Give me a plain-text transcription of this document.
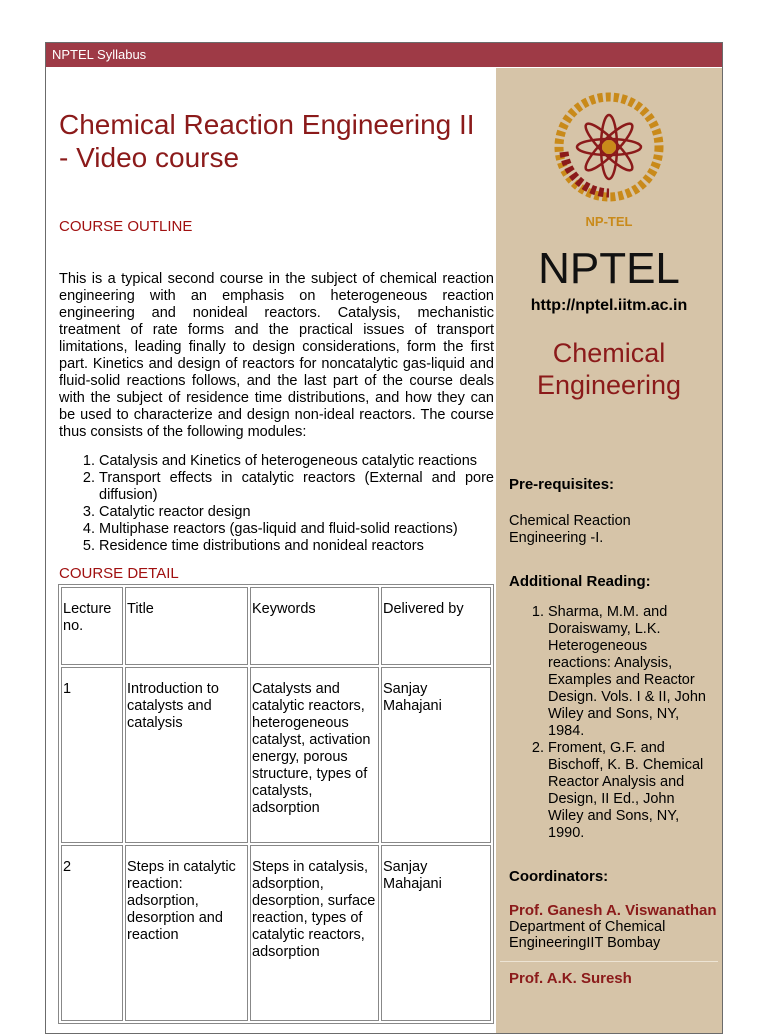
NPTEL Syllabus
Chemical Reaction Engineering II - Video course

COURSE OUTLINE

This is a typical second course in the subject of chemical reaction engineering with an emphasis on heterogeneous reaction engineering and nonideal reactors. Catalysis, mechanistic treatment of rate forms and the practical issues of transport limitations, leading finally to design considerations, form the first part. Kinetics and design of reactors for noncatalytic gas-liquid and fluid-solid reactions follows, and the last part of the course deals with the subject of residence time distributions, and how they can be used to characterize and design non-ideal reactors. The course thus consists of the following modules:

1. Catalysis and Kinetics of heterogeneous catalytic reactions
2. Transport effects in catalytic reactors (External and pore diffusion)
3. Catalytic reactor design
4. Multiphase reactors (gas-liquid and fluid-solid reactions)
5. Residence time distributions and nonideal reactors

COURSE DETAIL

Lecture no.	Title	Keywords	Delivered by
1	Introduction to catalysts and catalysis	Catalysts and catalytic reactors, heterogeneous catalyst, activation energy, porous structure, types of catalysts, adsorption	Sanjay Mahajani
2	Steps in catalytic reaction: adsorption, desorption and reaction	Steps in catalysis, adsorption, desorption, surface reaction, types of catalytic reactors, adsorption	Sanjay Mahajani
NP-TEL
NPTEL
http://nptel.iitm.ac.in
Chemical Engineering

Pre-requisites:

Chemical Reaction Engineering -I.

Additional Reading:

1. Sharma, M.M. and Doraiswamy, L.K. Heterogeneous reactions: Analysis, Examples and Reactor Design. Vols. I & II, John Wiley and Sons, NY, 1984.
2. Froment, G.F. and Bischoff, K. B. Chemical Reactor Analysis and Design, II Ed., John Wiley and Sons, NY, 1990.

Coordinators:

Prof. Ganesh A. Viswanathan

Department of Chemical EngineeringIIT Bombay

Prof. A.K. Suresh
